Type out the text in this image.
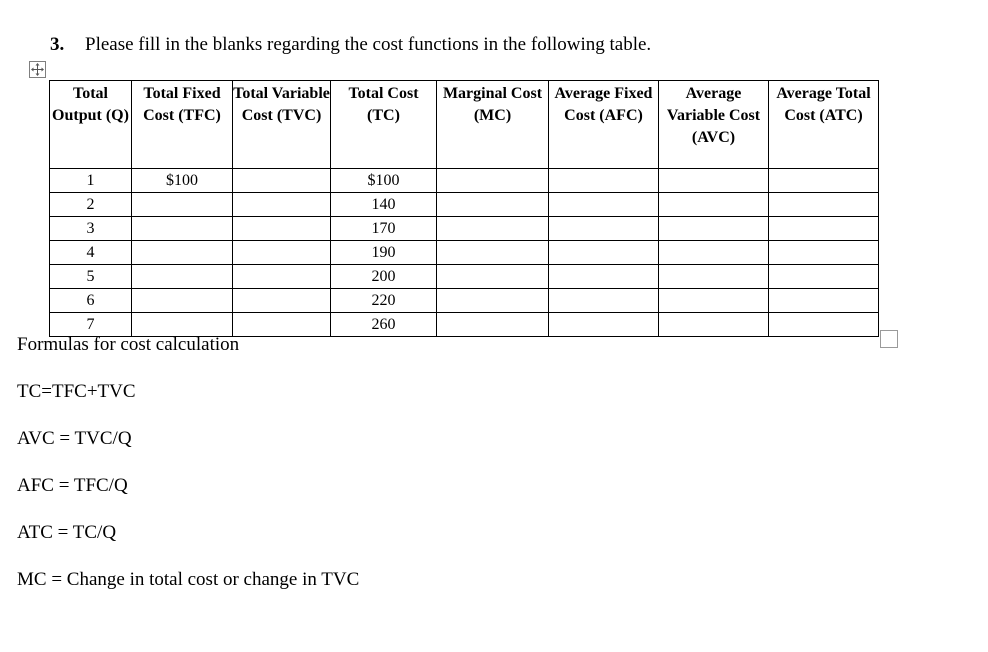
3. Please fill in the blanks regarding the cost functions in the following table.
Total Output (Q)	Total Fixed Cost (TFC)	Total Variable Cost (TVC)	Total Cost (TC)	Marginal Cost (MC)	Average Fixed Cost (AFC)	Average Variable Cost (AVC)	Average Total Cost (ATC)
1	$100		$100				
2			140				
3			170				
4			190				
5			200				
6			220				
7			260				

Formulas for cost calculation

TC=TFC+TVC

AVC = TVC/Q

AFC = TFC/Q

ATC = TC/Q

MC = Change in total cost or change in TVC
